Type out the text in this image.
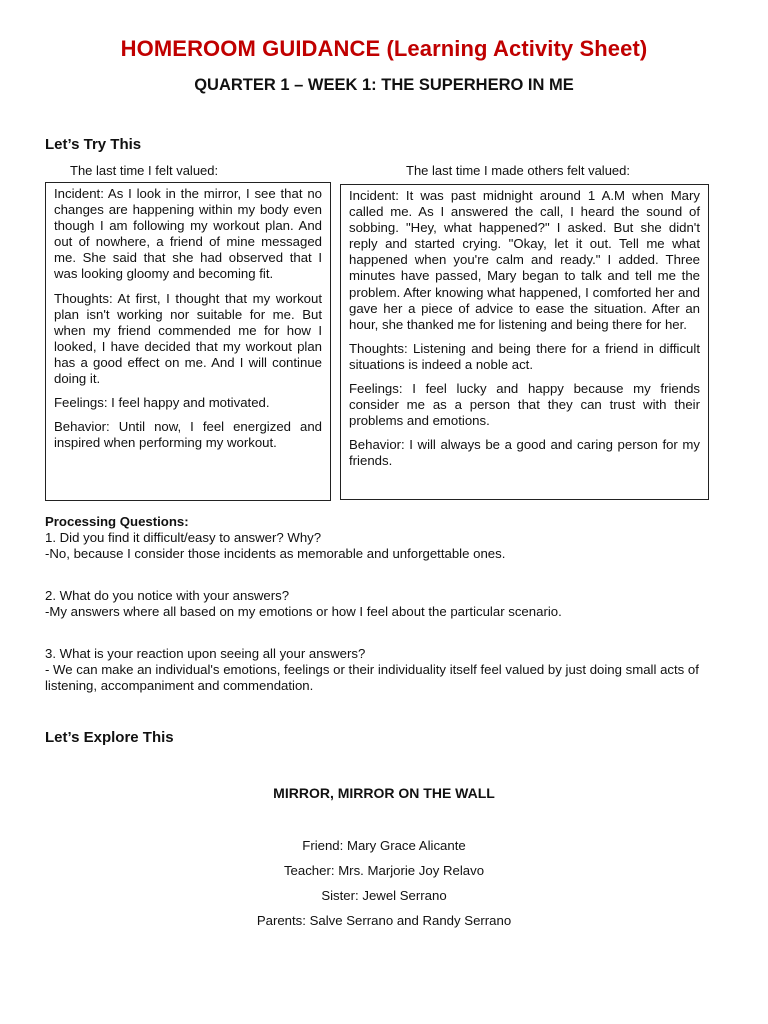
HOMEROOM GUIDANCE (Learning Activity Sheet)
QUARTER 1 – WEEK 1: THE SUPERHERO IN ME
Let’s Try This
The last time I felt valued:	The last time I made others felt valued:

Incident: As I look in the mirror, I see that no changes are happening within my body even though I am following my workout plan. And out of nowhere, a friend of mine messaged me. She said that she had observed that I was looking gloomy and becoming fit.

Thoughts: At first, I thought that my workout plan isn't working nor suitable for me. But when my friend commended me for how I looked, I have decided that my workout plan has a good effect on me. And I will continue doing it.

Feelings: I feel happy and motivated.

Behavior: Until now, I feel energized and inspired when performing my workout.

Incident: It was past midnight around 1 A.M when Mary called me. As I answered the call, I heard the sound of sobbing. "Hey, what happened?" I asked. But she didn't reply and started crying. "Okay, let it out. Tell me what happened when you're calm and ready." I added. Three minutes have passed, Mary began to talk and tell me the problem. After knowing what happened, I comforted her and gave her a piece of advice to ease the situation. After an hour, she thanked me for listening and being there for her.

Thoughts: Listening and being there for a friend in difficult situations is indeed a noble act.

Feelings: I feel lucky and happy because my friends consider me as a person that they can trust with their problems and emotions.

Behavior: I will always be a good and caring person for my friends.

Processing Questions:
1. Did you find it difficult/easy to answer? Why?
-No, because I consider those incidents as memorable and unforgettable ones.
2. What do you notice with your answers?
-My answers where all based on my emotions or how I feel about the particular scenario.
3. What is your reaction upon seeing all your answers?
- We can make an individual's emotions, feelings or their individuality itself feel valued by just doing small acts of listening, accompaniment and commendation.
Let’s Explore This
MIRROR, MIRROR ON THE WALL
Friend: Mary Grace Alicante
Teacher: Mrs. Marjorie Joy Relavo
Sister: Jewel Serrano
Parents: Salve Serrano and Randy Serrano
